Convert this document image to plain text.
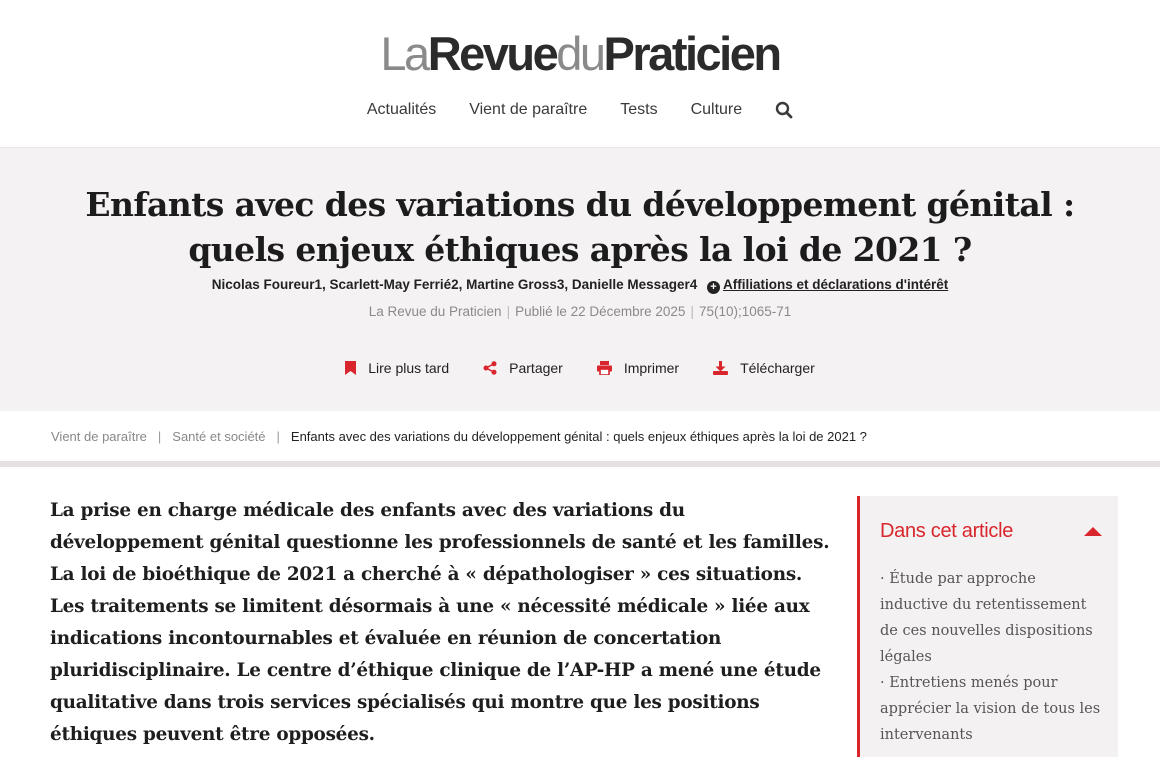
LaRevueduPraticien
Actualités Vient de paraître Tests Culture
Enfants avec des variations du développement génital : quels enjeux éthiques après la loi de 2021 ?
Nicolas Foureur1, Scarlett-May Ferrié2, Martine Gross3, Danielle Messager4 + Affiliations et déclarations d'intérêt
La Revue du Praticien | Publié le 22 Décembre 2025 | 75(10);1065-71
Lire plus tard	Partager	Imprimer	Télécharger
Vient de paraître | Santé et société | Enfants avec des variations du développement génital : quels enjeux éthiques après la loi de 2021 ?

La prise en charge médicale des enfants avec des variations du développement génital questionne les professionnels de santé et les familles. La loi de bioéthique de 2021 a cherché à « dépathologiser » ces situations. Les traitements se limitent désormais à une « nécessité médicale » liée aux indications incontournables et évaluée en réunion de concertation pluridisciplinaire. Le centre d’éthique clinique de l’AP-HP a mené une étude qualitative dans trois services spécialisés qui montre que les positions éthiques peuvent être opposées.

Dans cet article
· Étude par approche inductive du retentissement de ces nouvelles dispositions légales
· Entretiens menés pour apprécier la vision de tous les intervenants
